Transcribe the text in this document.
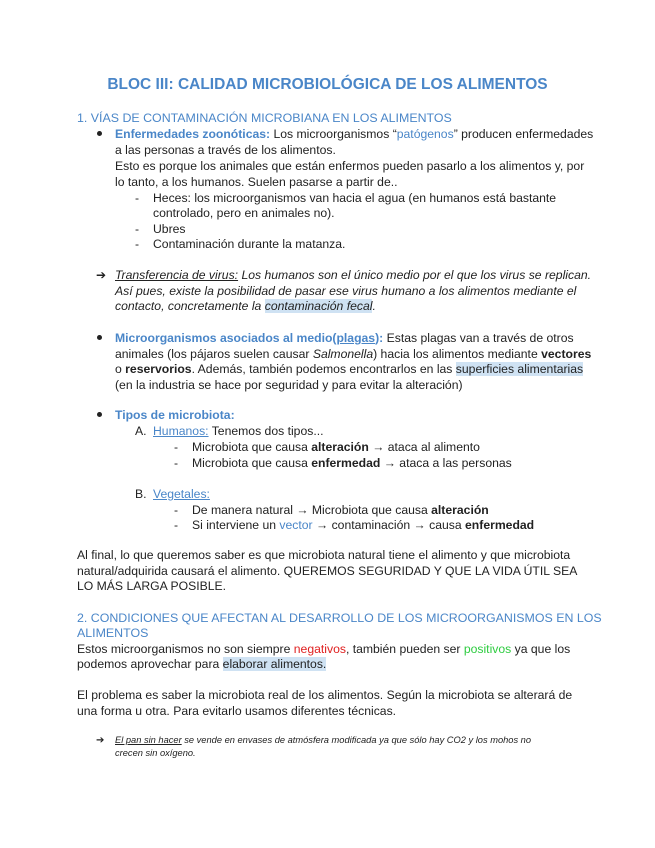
BLOC III: CALIDAD MICROBIOLÓGICA DE LOS ALIMENTOS
1. VÍAS DE CONTAMINACIÓN MICROBIANA EN LOS ALIMENTOS
Enfermedades zoonóticas: Los microorganismos “patógenos” producen enfermedades
a las personas a través de los alimentos.
Esto es porque los animales que están enfermos pueden pasarlo a los alimentos y, por
lo tanto, a los humanos. Suelen pasarse a partir de..
- Heces: los microorganismos van hacia el agua (en humanos está bastante
controlado, pero en animales no).
- Ubres
- Contaminación durante la matanza.
➔ Transferencia de virus: Los humanos son el único medio por el que los virus se replican.
Así pues, existe la posibilidad de pasar ese virus humano a los alimentos mediante el
contacto, concretamente la contaminación fecal.
Microorganismos asociados al medio(plagas): Estas plagas van a través de otros
animales (los pájaros suelen causar Salmonella) hacia los alimentos mediante vectores
o reservorios. Además, también podemos encontrarlos en las superficies alimentarias
(en la industria se hace por seguridad y para evitar la alteración)
Tipos de microbiota:
A. Humanos: Tenemos dos tipos...
- Microbiota que causa alteración → ataca al alimento
- Microbiota que causa enfermedad → ataca a las personas
B. Vegetales:
- De manera natural → Microbiota que causa alteración
- Si interviene un vector → contaminación → causa enfermedad
Al final, lo que queremos saber es que microbiota natural tiene el alimento y que microbiota
natural/adquirida causará el alimento. QUEREMOS SEGURIDAD Y QUE LA VIDA ÚTIL SEA
LO MÁS LARGA POSIBLE.
2. CONDICIONES QUE AFECTAN AL DESARROLLO DE LOS MICROORGANISMOS EN LOS
ALIMENTOS
Estos microorganismos no son siempre negativos, también pueden ser positivos ya que los
podemos aprovechar para elaborar alimentos.
El problema es saber la microbiota real de los alimentos. Según la microbiota se alterará de
una forma u otra. Para evitarlo usamos diferentes técnicas.
➔ El pan sin hacer se vende en envases de atmósfera modificada ya que sólo hay CO2 y los mohos no
crecen sin oxígeno.
